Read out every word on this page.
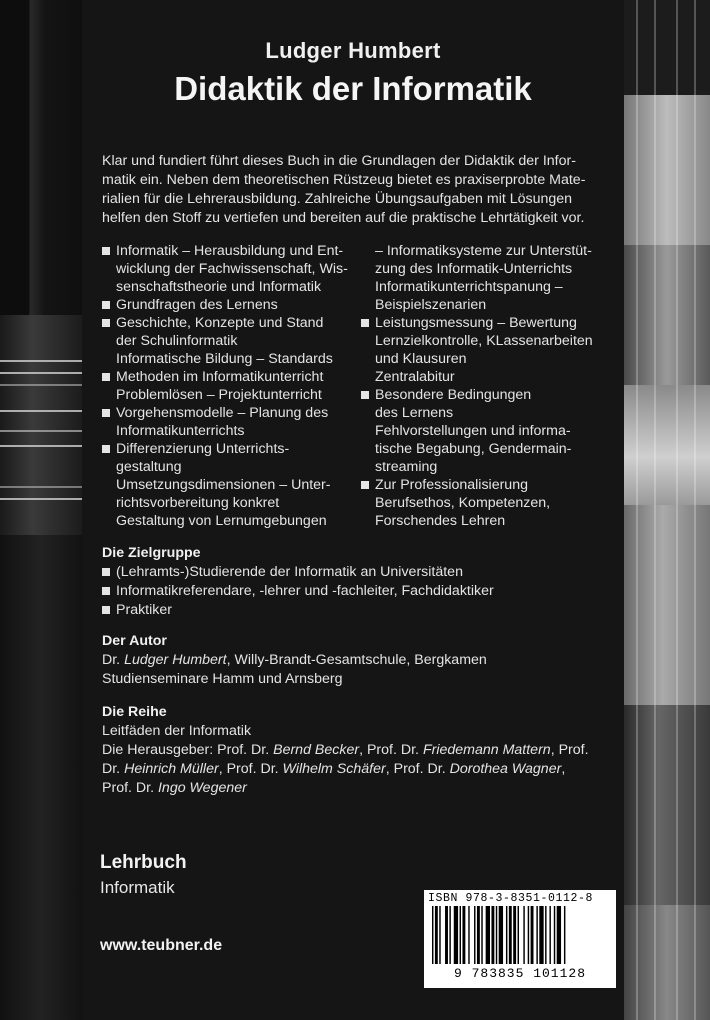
Ludger Humbert
Didaktik der Informatik

Klar und fundiert führt dieses Buch in die Grundlagen der Didaktik der Infor-

matik ein. Neben dem theoretischen Rüstzeug bietet es praxiserprobte Mate-

rialien für die Lehrerausbildung. Zahlreiche Übungsaufgaben mit Lösungen

helfen den Stoff zu vertiefen und bereiten auf die praktische Lehrtätigkeit vor.

Informatik – Herausbildung und Ent-
wicklung der Fachwissenschaft, Wis-
senschaftstheorie und Informatik
Grundfragen des Lernens
Geschichte, Konzepte und Stand
der Schulinformatik
Informatische Bildung – Standards
Methoden im Informatikunterricht
Problemlösen – Projektunterricht
Vorgehensmodelle – Planung des
Informatikunterrichts
Differenzierung Unterrichts-
gestaltung
Umsetzungsdimensionen – Unter-
richtsvorbereitung konkret
Gestaltung von Lernumgebungen
– Informatiksysteme zur Unterstüt-
zung des Informatik-Unterrichts
Informatikunterrichtspanung –
Beispielszenarien
Leistungsmessung – Bewertung
Lernzielkontrolle, KLassenarbeiten
und Klausuren
Zentralabitur
Besondere Bedingungen
des Lernens
Fehlvorstellungen und informa-
tische Begabung, Gendermain-
streaming
Zur Professionalisierung
Berufsethos, Kompetenzen,
Forschendes Lehren
Die Zielgruppe
(Lehramts-)Studierende der Informatik an Universitäten
Informatikreferendare, -lehrer und -fachleiter, Fachdidaktiker
Praktiker
Der Autor
Dr. Ludger Humbert, Willy-Brandt-Gesamtschule, Bergkamen
Studienseminare Hamm und Arnsberg
Die Reihe
Leitfäden der Informatik
Die Herausgeber: Prof. Dr. Bernd Becker, Prof. Dr. Friedemann Mattern, Prof.
Dr. Heinrich Müller, Prof. Dr. Wilhelm Schäfer, Prof. Dr. Dorothea Wagner,
Prof. Dr. Ingo Wegener
Lehrbuch
Informatik
www.teubner.de
ISBN 978-3-8351-0112-8
9 783835 101128
